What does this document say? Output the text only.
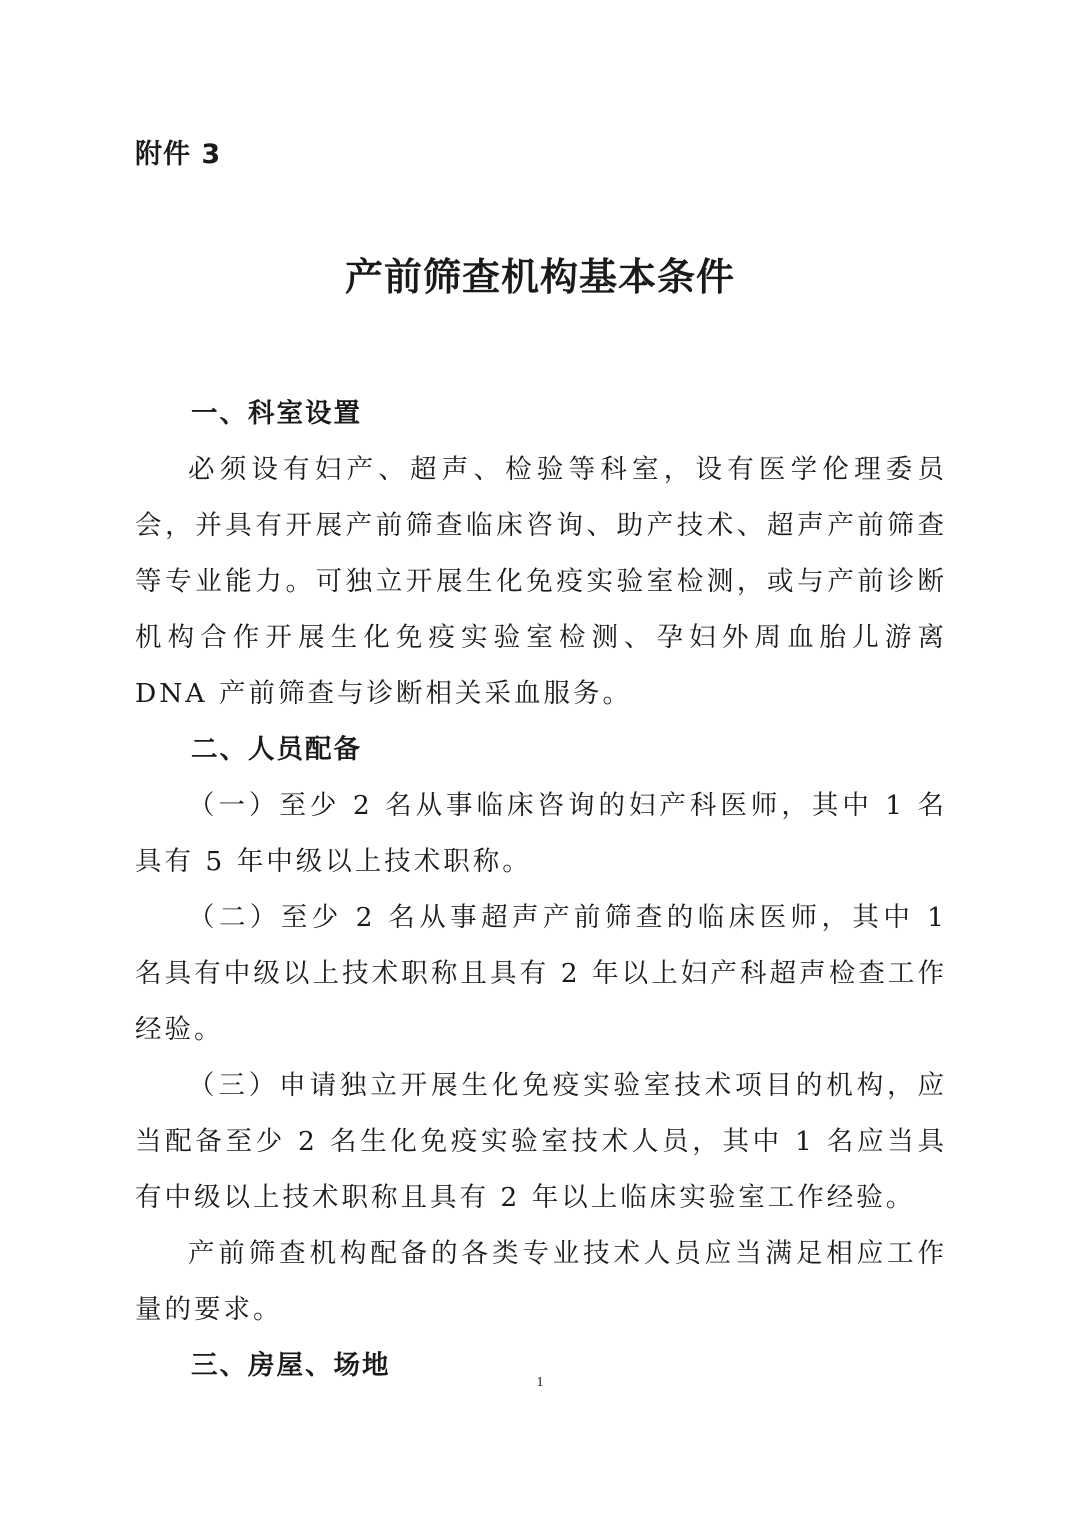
附件 3
产前筛查机构基本条件
一、科室设置

必须设有妇产、超声、检验等科室，设有医学伦理委员会，并具有开展产前筛查临床咨询、助产技术、超声产前筛查等专业能力。可独立开展生化免疫实验室检测，或与产前诊断机构合作开展生化免疫实验室检测、孕妇外周血胎儿游离 DNA 产前筛查与诊断相关采血服务。

二、人员配备

（一）至少 2 名从事临床咨询的妇产科医师，其中 1 名具有 5 年中级以上技术职称。

（二）至少 2 名从事超声产前筛查的临床医师，其中 1 名具有中级以上技术职称且具有 2 年以上妇产科超声检查工作经验。

（三）申请独立开展生化免疫实验室技术项目的机构，应当配备至少 2 名生化免疫实验室技术人员，其中 1 名应当具有中级以上技术职称且具有 2 年以上临床实验室工作经验。

产前筛查机构配备的各类专业技术人员应当满足相应工作量的要求。

三、房屋、场地
1
